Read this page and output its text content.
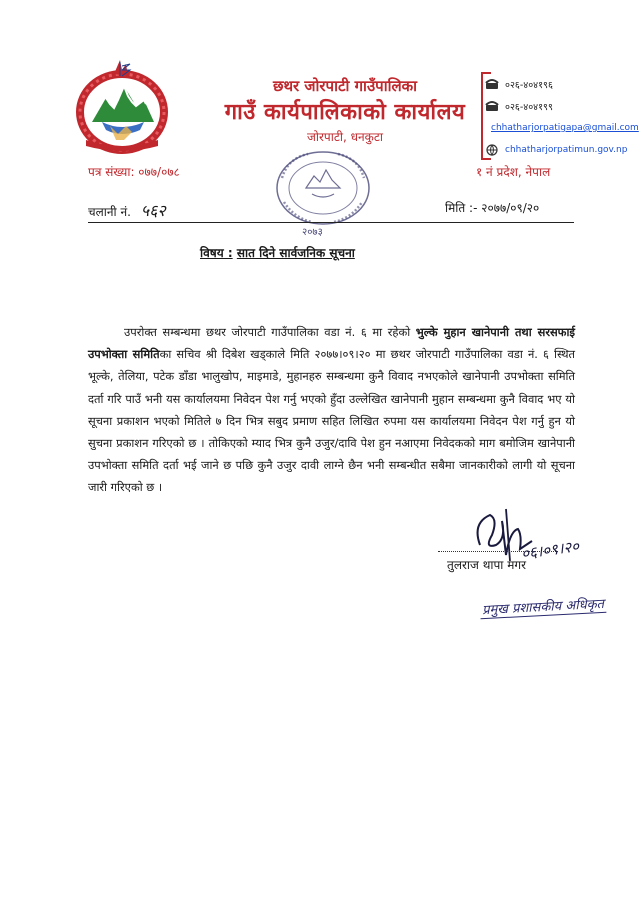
छथर जोरपाटी गाउँपालिका
गाउँ कार्यपालिकाको कार्यालय
जोरपाटी, धनकुटा
०२६-४०४१९६
०२६-४०४१९९
chhatharjorpatigapa@gmail.com
chhatharjorpatimun.gov.np
पत्र संख्या: ०७७/०७८	१ नं प्रदेश, नेपाल
२०७३
चलानी नं. ५६२	मिति :- २०७७/०९/२०
विषय : सात दिने सार्वजनिक सूचना
उपरोक्त सम्बन्धमा छथर जोरपाटी गाउँपालिका वडा नं. ६ मा रहेको भुल्के मुहान खानेपानी तथा सरसफाई उपभोक्ता समितिका सचिव श्री दिबेश खड्काले मिति २०७७।०९।२० मा छथर जोरपाटी गाउँपालिका वडा नं. ६ स्थित भूल्के, तेलिया, पटेक डाँडा भालुखोप, माइमाडे, मुहानहरु सम्बन्धमा कुनै विवाद नभएकोले खानेपानी उपभोक्ता समिति दर्ता गरि पाउँ भनी यस कार्यालयमा निवेदन पेश गर्नु भएको हुँदा उल्लेखित खानेपानी मुहान सम्बन्धमा कुनै विवाद भए यो सूचना प्रकाशन भएको मितिले ७ दिन भित्र सबुद प्रमाण सहित लिखित रुपमा यस कार्यालयमा निवेदन पेश गर्नु हुन यो सुचना प्रकाशन गरिएको छ । तोकिएको म्याद भित्र कुनै उजुर/दावि पेश हुन नआएमा निवेदकको माग बमोजिम खानेपानी उपभोक्ता समिति दर्ता भई जाने छ पछि कुनै उजुर दावी लाग्ने छैन भनी सम्बन्धीत सबैमा जानकारीको लागी यो सूचना जारी गरिएको छ ।
०६।०९।२०
तुलराज थापा मगर
प्रमुख प्रशासकीय अधिकृत
